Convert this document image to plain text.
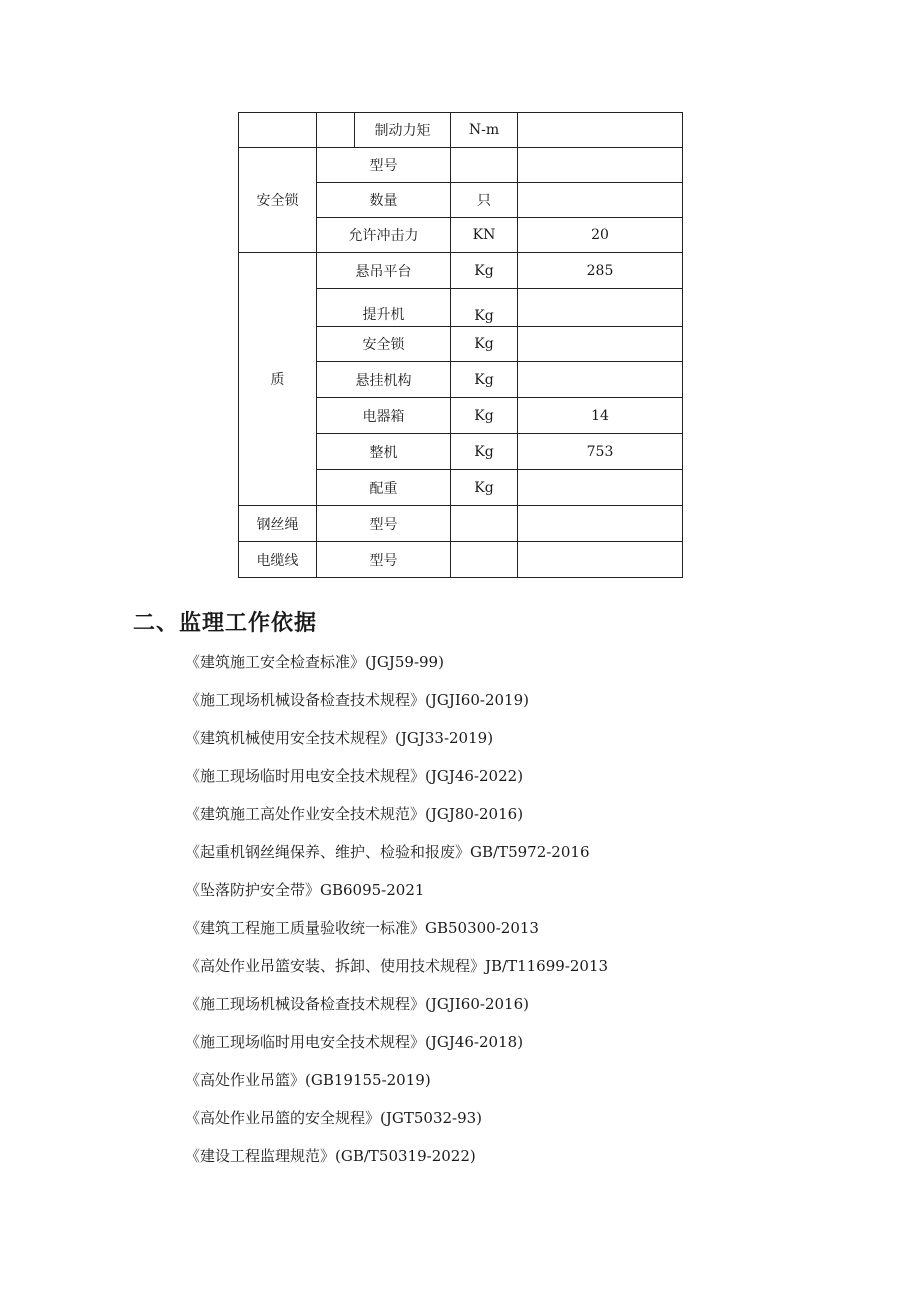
		制动力矩	N-m	
安全锁	型号			
	数量		只	
	允许冲击力		KN	20
质	悬吊平台		Kg	285
	提升机		Kg	
	安全锁		Kg	
	悬挂机构		Kg	
	电器箱		Kg	14
	整机		Kg	753
	配重		Kg	
钢丝绳	型号			
电缆线	型号			
二、监理工作依据
《建筑施工安全检查标准》(JGJ59-99)
《施工现场机械设备检查技术规程》(JGJI60-2019)
《建筑机械使用安全技术规程》(JGJ33-2019)
《施工现场临时用电安全技术规程》(JGJ46-2022)
《建筑施工高处作业安全技术规范》(JGJ80-2016)
《起重机钢丝绳保养、维护、检验和报废》GB/T5972-2016
《坠落防护安全带》GB6095-2021
《建筑工程施工质量验收统一标准》GB50300-2013
《高处作业吊篮安装、拆卸、使用技术规程》JB/T11699-2013
《施工现场机械设备检查技术规程》(JGJI60-2016)
《施工现场临时用电安全技术规程》(JGJ46-2018)
《高处作业吊篮》(GB19155-2019)
《高处作业吊篮的安全规程》(JGT5032-93)
《建设工程监理规范》(GB/T50319-2022)
